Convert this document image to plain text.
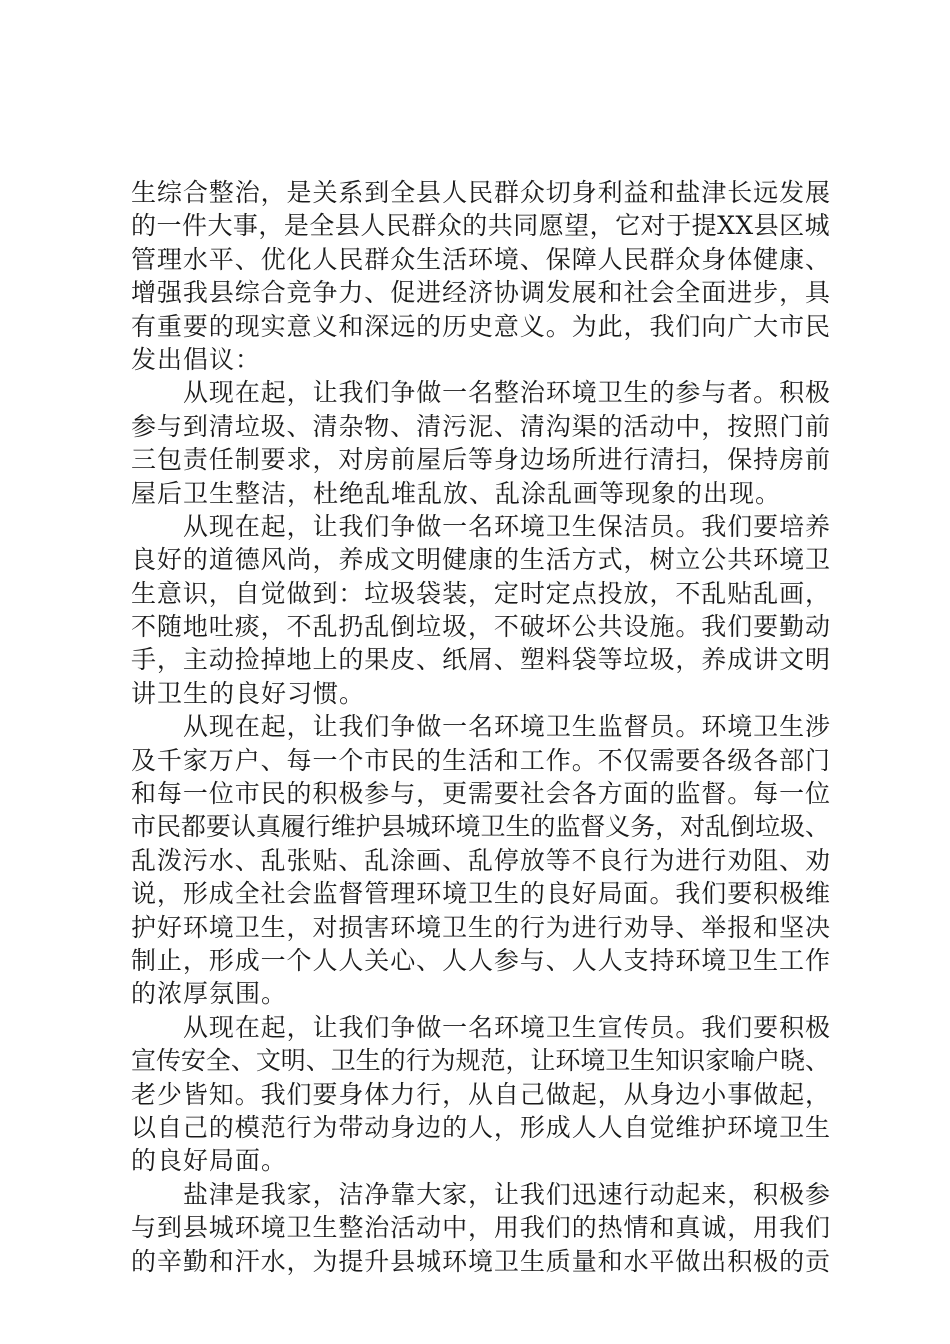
生综合整治，是关系到全县人民群众切身利益和盐津长远发展
的一件大事，是全县人民群众的共同愿望，它对于提XX县区城
管理水平、优化人民群众生活环境、保障人民群众身体健康、
增强我县综合竞争力、促进经济协调发展和社会全面进步，具
有重要的现实意义和深远的历史意义。为此，我们向广大市民
发出倡议：
从现在起，让我们争做一名整治环境卫生的参与者。积极
参与到清垃圾、清杂物、清污泥、清沟渠的活动中，按照门前
三包责任制要求，对房前屋后等身边场所进行清扫，保持房前
屋后卫生整洁，杜绝乱堆乱放、乱涂乱画等现象的出现。
从现在起，让我们争做一名环境卫生保洁员。我们要培养
良好的道德风尚，养成文明健康的生活方式，树立公共环境卫
生意识，自觉做到：垃圾袋装，定时定点投放，不乱贴乱画，
不随地吐痰，不乱扔乱倒垃圾，不破坏公共设施。我们要勤动
手，主动捡掉地上的果皮、纸屑、塑料袋等垃圾，养成讲文明
讲卫生的良好习惯。
从现在起，让我们争做一名环境卫生监督员。环境卫生涉
及千家万户、每一个市民的生活和工作。不仅需要各级各部门
和每一位市民的积极参与，更需要社会各方面的监督。每一位
市民都要认真履行维护县城环境卫生的监督义务，对乱倒垃圾、
乱泼污水、乱张贴、乱涂画、乱停放等不良行为进行劝阻、劝
说，形成全社会监督管理环境卫生的良好局面。我们要积极维
护好环境卫生，对损害环境卫生的行为进行劝导、举报和坚决
制止，形成一个人人关心、人人参与、人人支持环境卫生工作
的浓厚氛围。
从现在起，让我们争做一名环境卫生宣传员。我们要积极
宣传安全、文明、卫生的行为规范，让环境卫生知识家喻户晓、
老少皆知。我们要身体力行，从自己做起，从身边小事做起，
以自己的模范行为带动身边的人，形成人人自觉维护环境卫生
的良好局面。
盐津是我家，洁净靠大家，让我们迅速行动起来，积极参
与到县城环境卫生整治活动中，用我们的热情和真诚，用我们
的辛勤和汗水，为提升县城环境卫生质量和水平做出积极的贡
